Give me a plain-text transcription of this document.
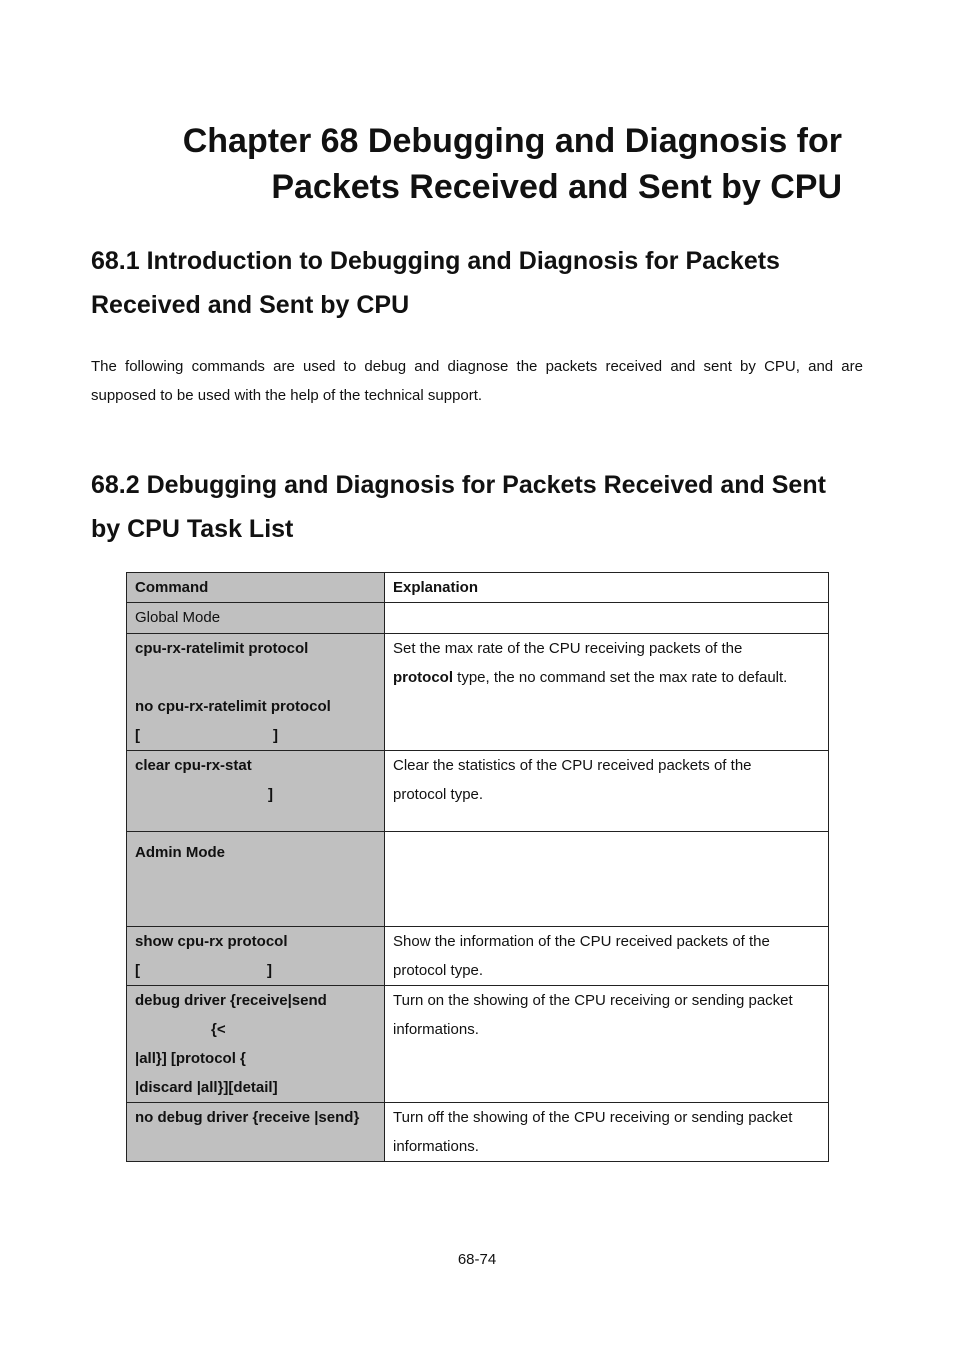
Chapter 68 Debugging and Diagnosis for
Packets Received and Sent by CPU
68.1 Introduction to Debugging and Diagnosis for Packets
Received and Sent by CPU

The following commands are used to debug and diagnose the packets received and sent by CPU, and are supposed to be used with the help of the technical support.

68.2 Debugging and Diagnosis for Packets Received and Sent
by CPU Task List
Command	Explanation

Global Mode	

cpu-rx-ratelimit protocol
no cpu-rx-ratelimit protocol
[ ]	Set the max rate of the CPU receiving packets of the
protocol type, the no command set the max rate to default.

clear cpu-rx-stat
]	Clear the statistics of the CPU received packets of the
protocol type.

Admin Mode	

show cpu-rx protocol
[ ]	Show the information of the CPU received packets of the
protocol type.

debug driver {receive|send
{<
|all}] [protocol {
|discard |all}][detail]	Turn on the showing of the CPU receiving or sending packet
informations.

no debug driver {receive |send}	Turn off the showing of the CPU receiving or sending packet
informations.
68-74
